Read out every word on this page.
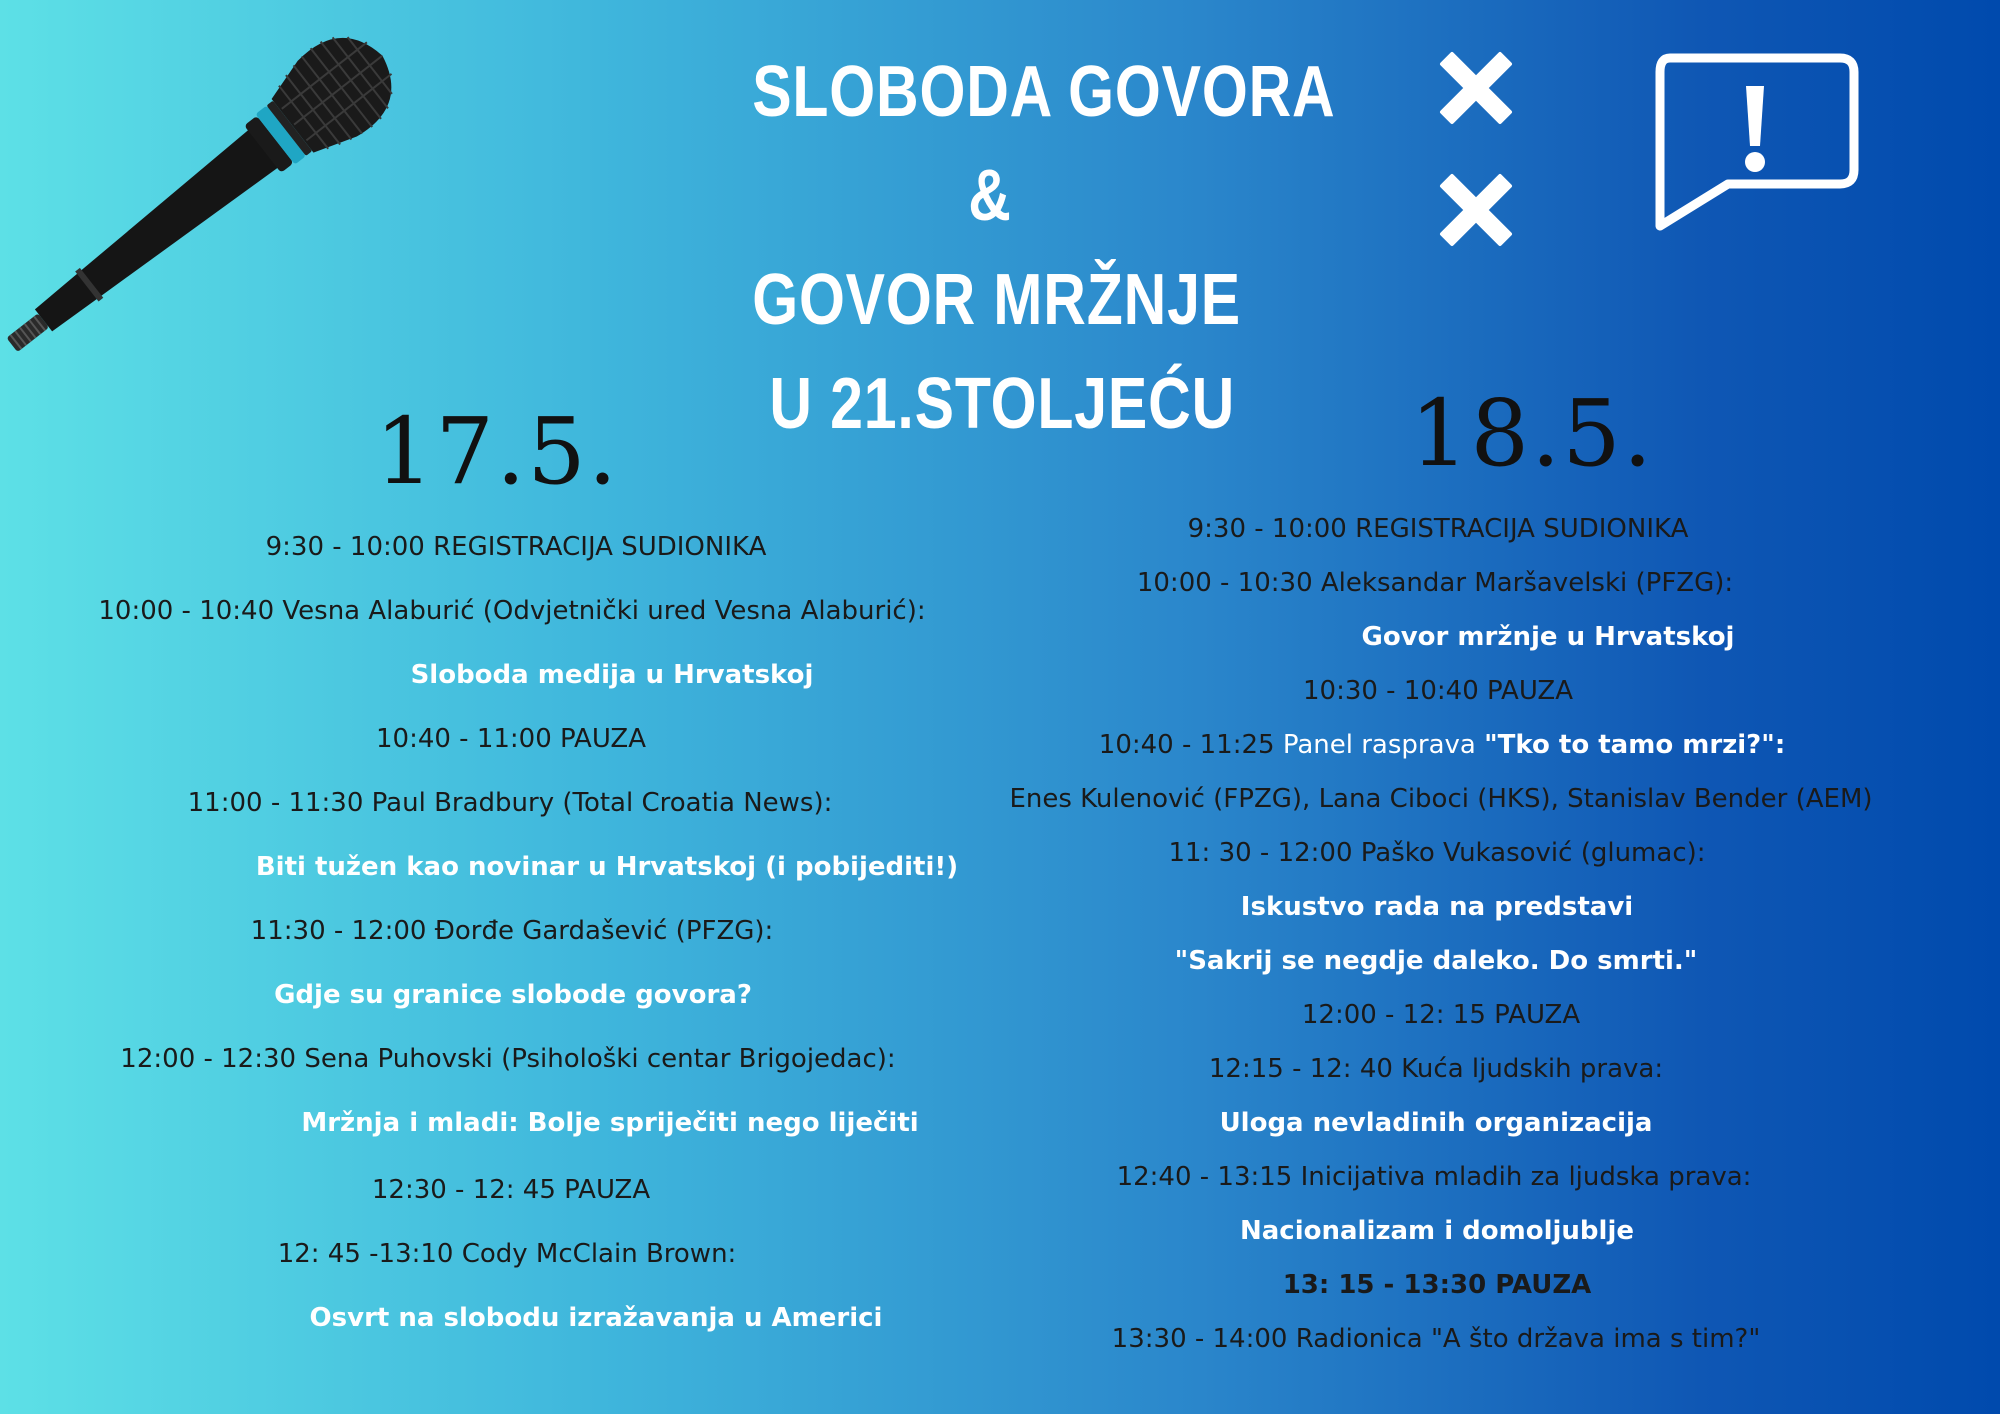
SLOBODA GOVORA
&
GOVOR MRŽNJE
U 21.STOLJEĆU
17.5.	18.5.
9:30 - 10:00 REGISTRACIJA SUDIONIKA
10:00 - 10:40 Vesna Alaburić (Odvjetnički ured Vesna Alaburić):
Sloboda medija u Hrvatskoj
10:40 - 11:00 PAUZA
11:00 - 11:30 Paul Bradbury (Total Croatia News):
Biti tužen kao novinar u Hrvatskoj (i pobijediti!)
11:30 - 12:00 Đorđe Gardašević (PFZG):
Gdje su granice slobode govora?
12:00 - 12:30 Sena Puhovski (Psihološki centar Brigojedac):
Mržnja i mladi: Bolje spriječiti nego liječiti
12:30 - 12: 45 PAUZA
12: 45 -13:10 Cody McClain Brown:
Osvrt na slobodu izražavanja u Americi
9:30 - 10:00 REGISTRACIJA SUDIONIKA
10:00 - 10:30 Aleksandar Maršavelski (PFZG):
Govor mržnje u Hrvatskoj
10:30 - 10:40 PAUZA
10:40 - 11:25 Panel rasprava "Tko to tamo mrzi?":
Enes Kulenović (FPZG), Lana Ciboci (HKS), Stanislav Bender (AEM)
11: 30 - 12:00 Paško Vukasović (glumac):
Iskustvo rada na predstavi
"Sakrij se negdje daleko. Do smrti."
12:00 - 12: 15 PAUZA
12:15 - 12: 40 Kuća ljudskih prava:
Uloga nevladinih organizacija
12:40 - 13:15 Inicijativa mladih za ljudska prava:
Nacionalizam i domoljublje
13: 15 - 13:30 PAUZA
13:30 - 14:00 Radionica "A što država ima s tim?"
